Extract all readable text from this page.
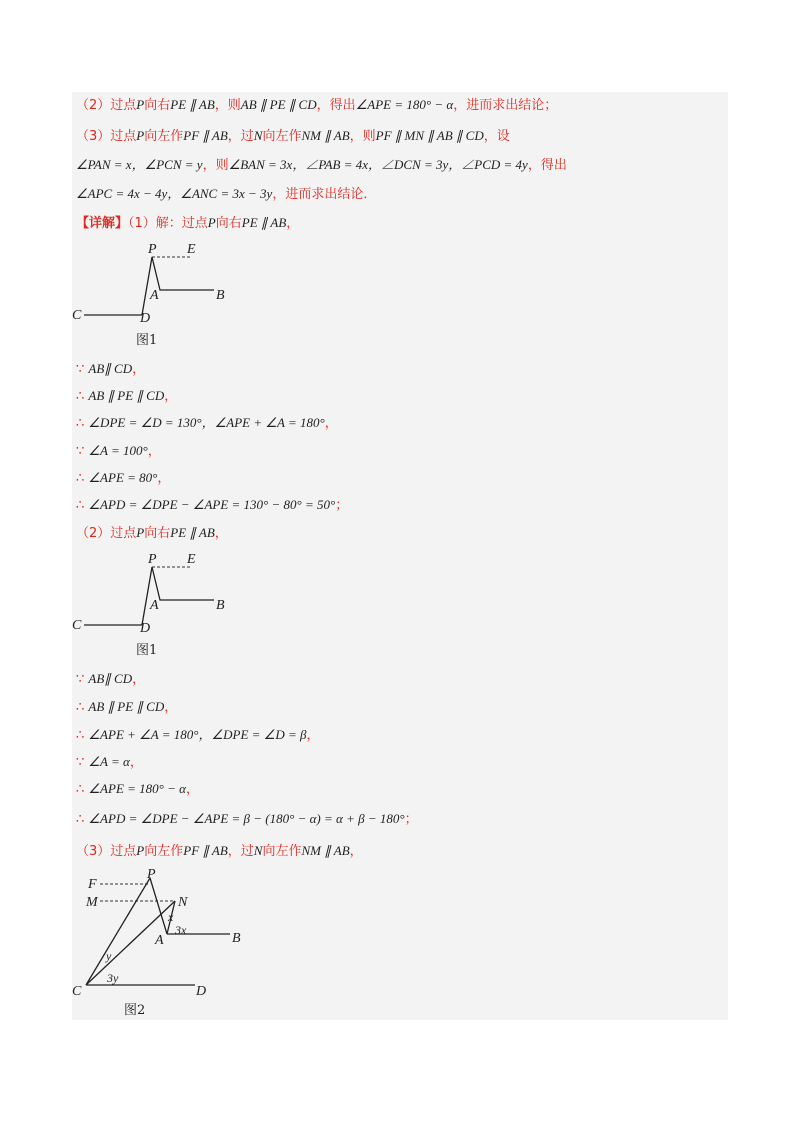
（2）过点P向右PE ∥ AB，则AB ∥ PE ∥ CD，得出∠APE = 180° − α，进而求出结论；
（3）过点P向左作PF ∥ AB，过N向左作NM ∥ AB，则PF ∥ MN ∥ AB ∥ CD，设
∠PAN = x，∠PCN = y，则∠BAN = 3x，∠PAB = 4x，∠DCN = 3y，∠PCD = 4y，得出
∠APC = 4x − 4y，∠ANC = 3x − 3y，进而求出结论．
【详解】（1）解：过点P向右PE ∥ AB，
P E
A	B
C	D
图1
∵ AB∥ CD，
∴ AB ∥ PE ∥ CD，
∴ ∠DPE = ∠D = 130°，∠APE + ∠A = 180°，
∵ ∠A = 100°，
∴ ∠APE = 80°，
∴ ∠APD = ∠DPE − ∠APE = 130° − 80° = 50°；
（2）过点P向右PE ∥ AB，
P E
A	B
C	D
图1
∵ AB∥ CD，
∴ AB ∥ PE ∥ CD，
∴ ∠APE + ∠A = 180°，∠DPE = ∠D = β，
∵ ∠A = α，
∴ ∠APE = 180° − α，
∴ ∠APD = ∠DPE − ∠APE = β − (180° − α) = α + β − 180°；
（3）过点P向左作PF ∥ AB，过N向左作NM ∥ AB，
P
F
M	N
x
3x
A	B
y
3y
C	D
图2
